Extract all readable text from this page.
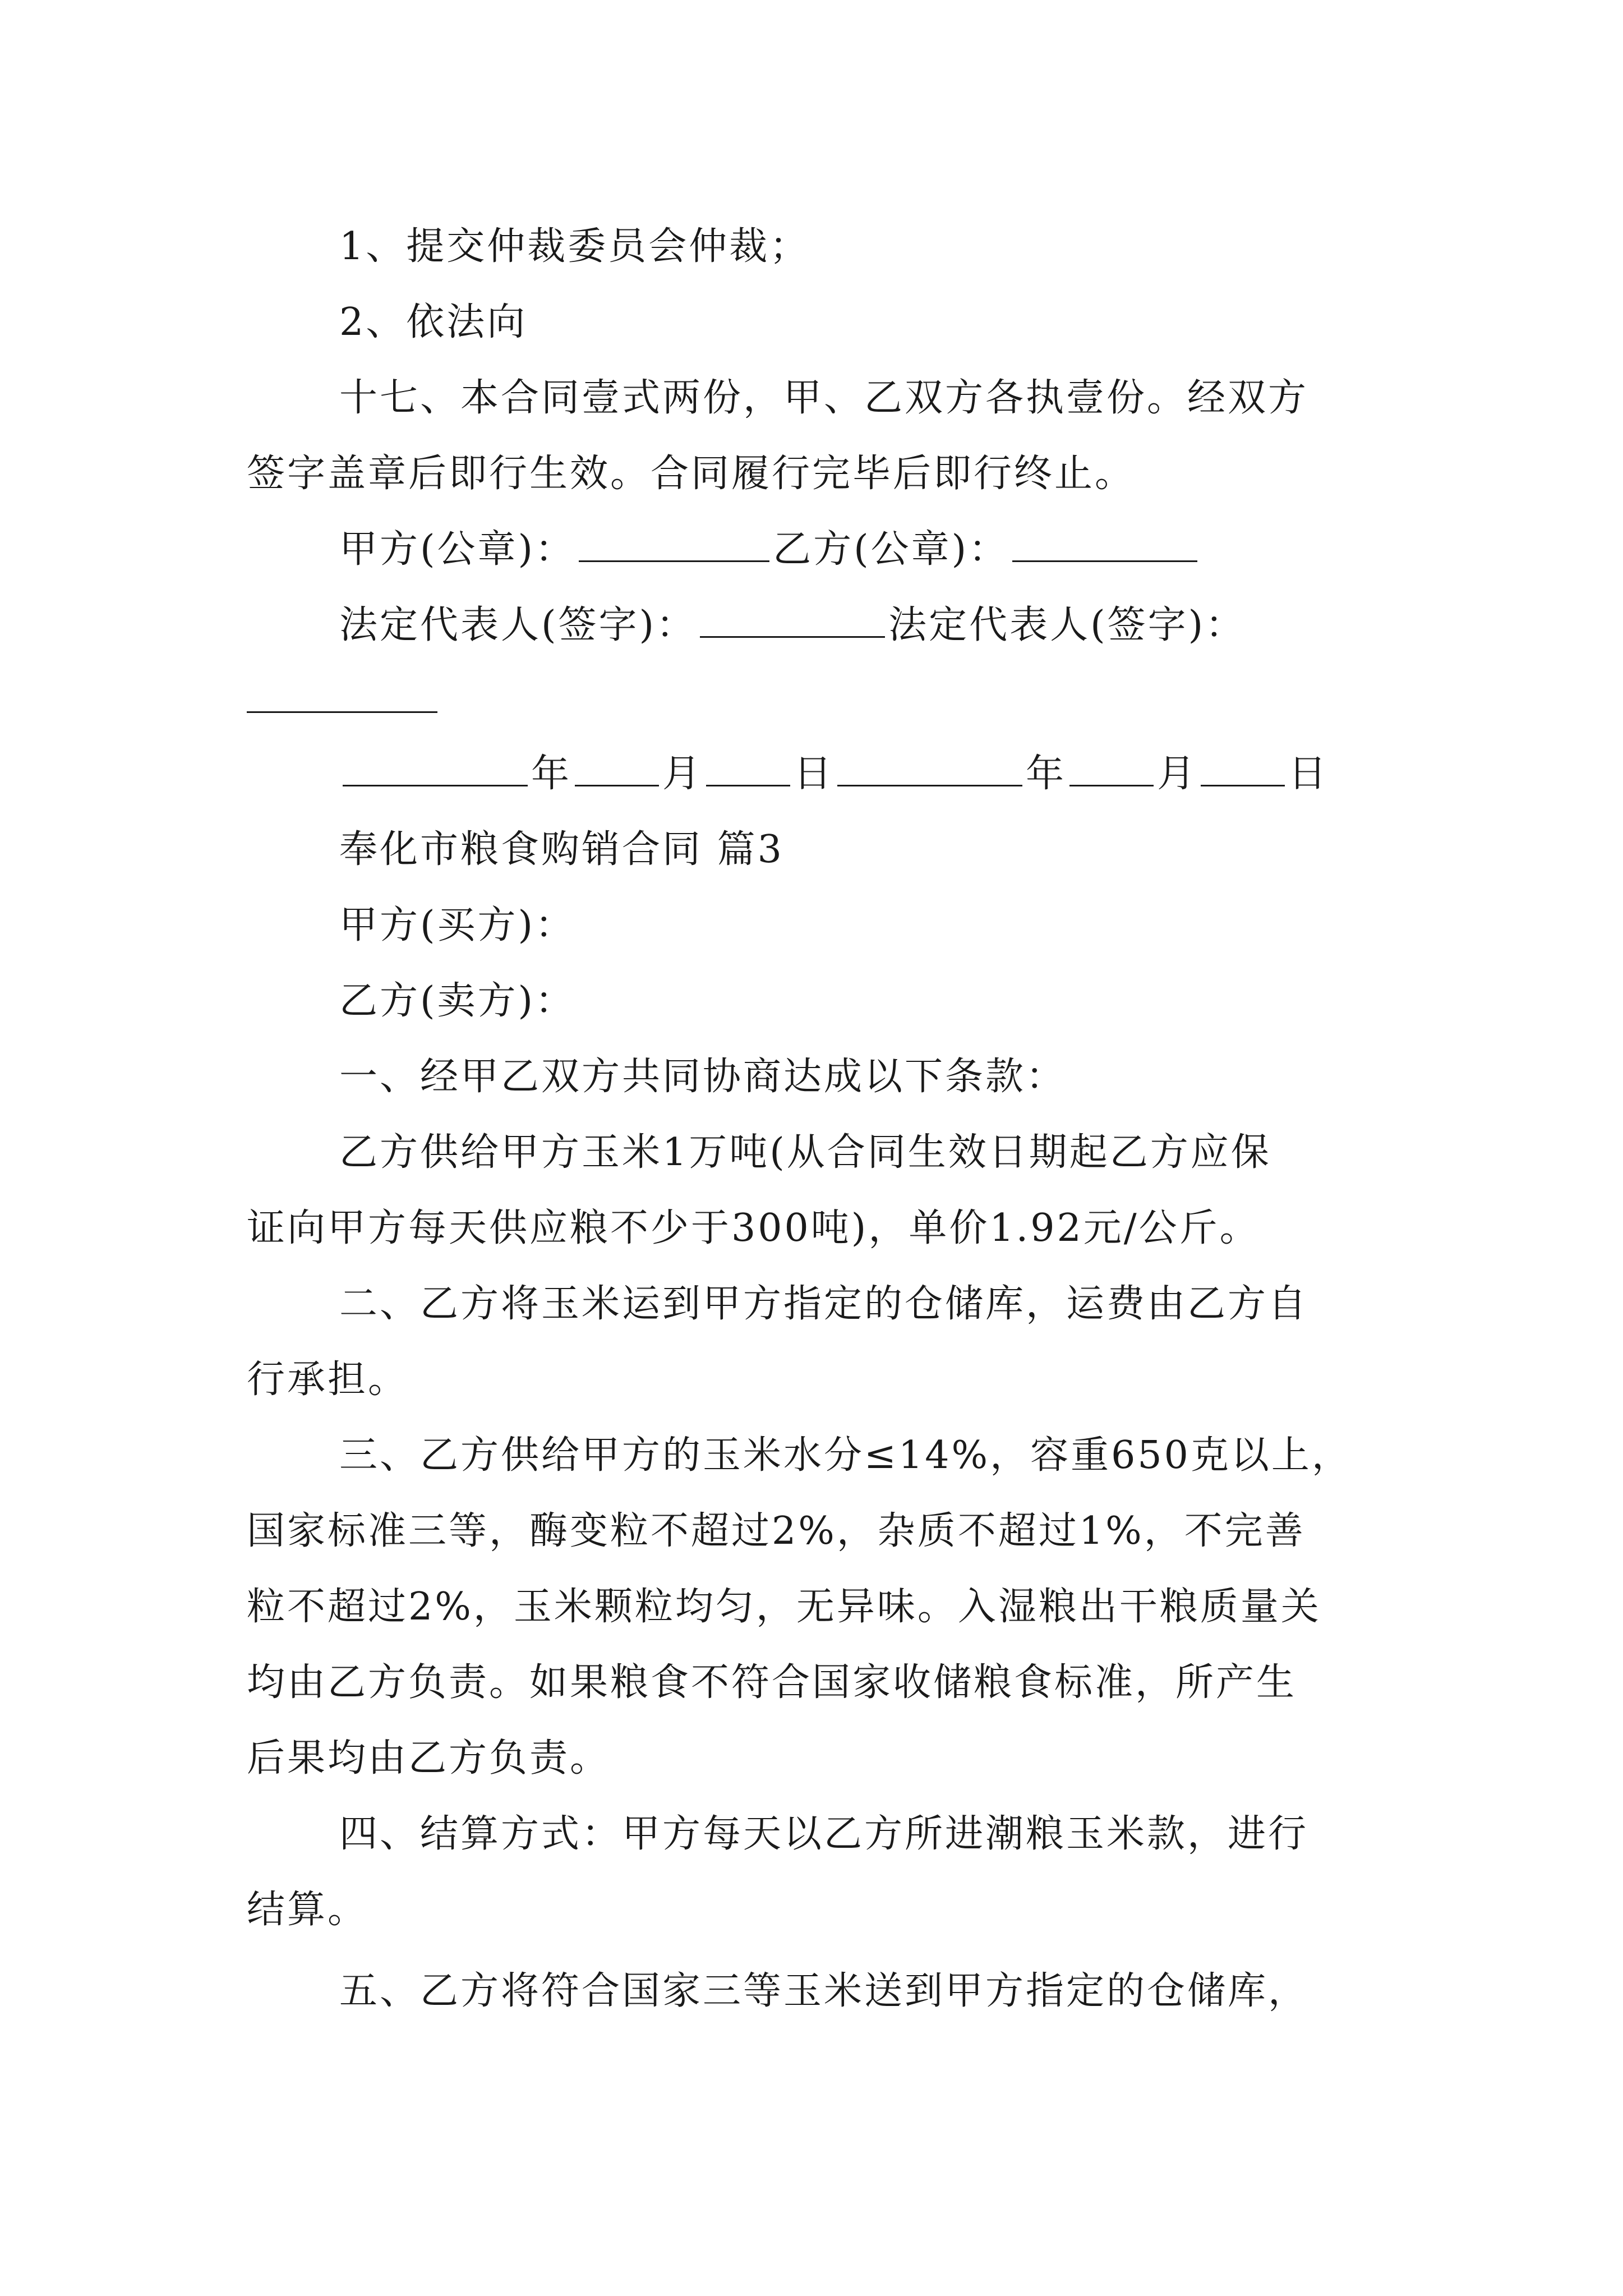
1、提交仲裁委员会仲裁；
2、依法向
十七、本合同壹式两份，甲、乙双方各执壹份。经双方
签字盖章后即行生效。合同履行完毕后即行终止。
甲方(公章)：	乙方(公章)：
法定代表人(签字)：	法定代表人(签字)：
年 月 日	年 月 日
奉化市粮食购销合同 篇3
甲方(买方)：
乙方(卖方)：
一、经甲乙双方共同协商达成以下条款：
乙方供给甲方玉米1万吨(从合同生效日期起乙方应保
证向甲方每天供应粮不少于300吨)，单价1.92元/公斤。
二、乙方将玉米运到甲方指定的仓储库，运费由乙方自
行承担。
三、乙方供给甲方的玉米水分≤14%，容重650克以上，
国家标准三等，酶变粒不超过2%，杂质不超过1%，不完善
粒不超过2%，玉米颗粒均匀，无异味。入湿粮出干粮质量关
均由乙方负责。如果粮食不符合国家收储粮食标准，所产生
后果均由乙方负责。
四、结算方式：甲方每天以乙方所进潮粮玉米款，进行
结算。
五、乙方将符合国家三等玉米送到甲方指定的仓储库，
